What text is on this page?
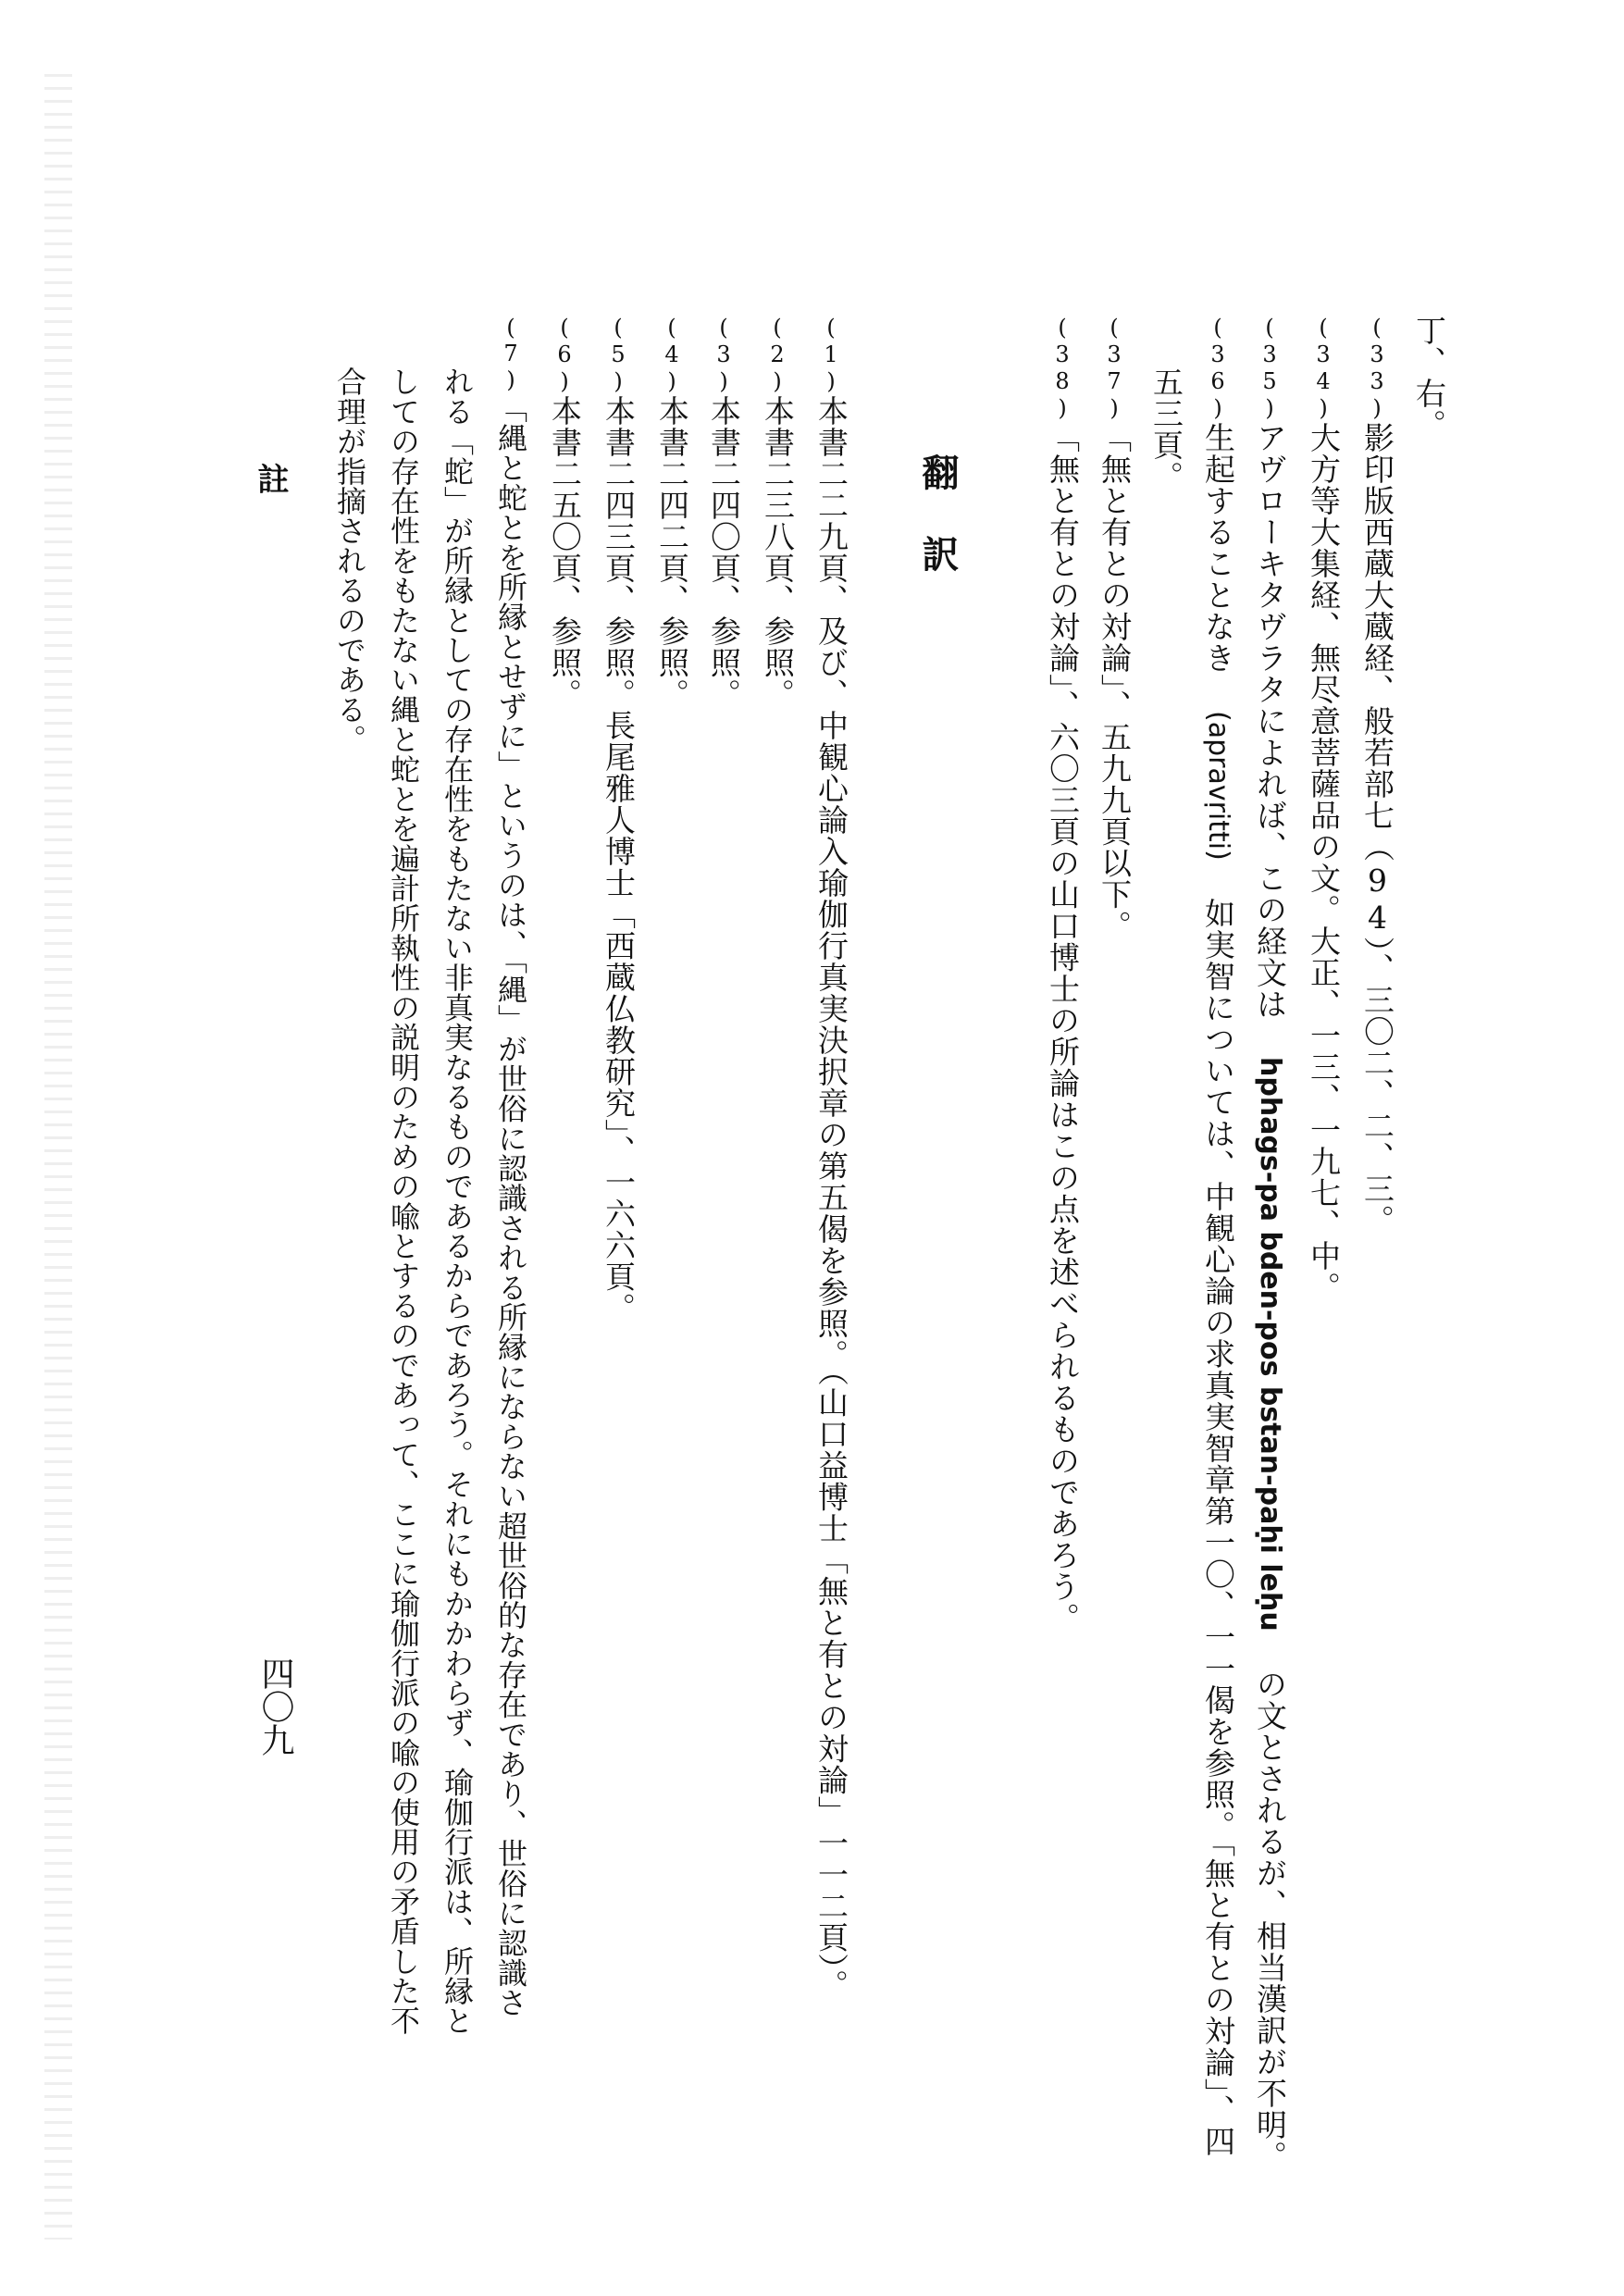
丁、右。
(33)影印版西蔵大蔵経、般若部七（94）、三〇二、二、三。
(34)大方等大集経、無尽意菩薩品の文。大正、一三、一九七、中。
(35)アヴローキタヴラタによれば、この経文は hphags-pa bden-pos bstan-paḥi leḥu の文とされるが、相当漢訳が不明。
(36)生起することなき (apravṛitti) 如実智については、中観心論の求真実智章第一〇、一一偈を参照。「無と有との対論」、四
五三頁。
(37)「無と有との対論」、五九九頁以下。
(38)「無と有との対論」、六〇三頁の山口博士の所論はこの点を述べられるものであろう。
翻訳
(1)本書二二九頁、及び、中観心論入瑜伽行真実決択章の第五偈を参照。（山口益博士「無と有との対論」一一二頁）。
(2)本書二三八頁、参照。
(3)本書二四〇頁、参照。
(4)本書二四二頁、参照。
(5)本書二四三頁、参照。長尾雅人博士「西蔵仏教研究」、一六六頁。
(6)本書二五〇頁、参照。
(7)「縄と蛇とを所縁とせずに」というのは、「縄」が世俗に認識される所縁にならない超世俗的な存在であり、世俗に認識さ
れる「蛇」が所縁としての存在性をもたない非真実なるものであるからであろう。それにもかかわらず、瑜伽行派は、所縁と
しての存在性をもたない縄と蛇とを遍計所執性の説明のための喩とするのであって、ここに瑜伽行派の喩の使用の矛盾した不
合理が指摘されるのである。
註
四〇九
